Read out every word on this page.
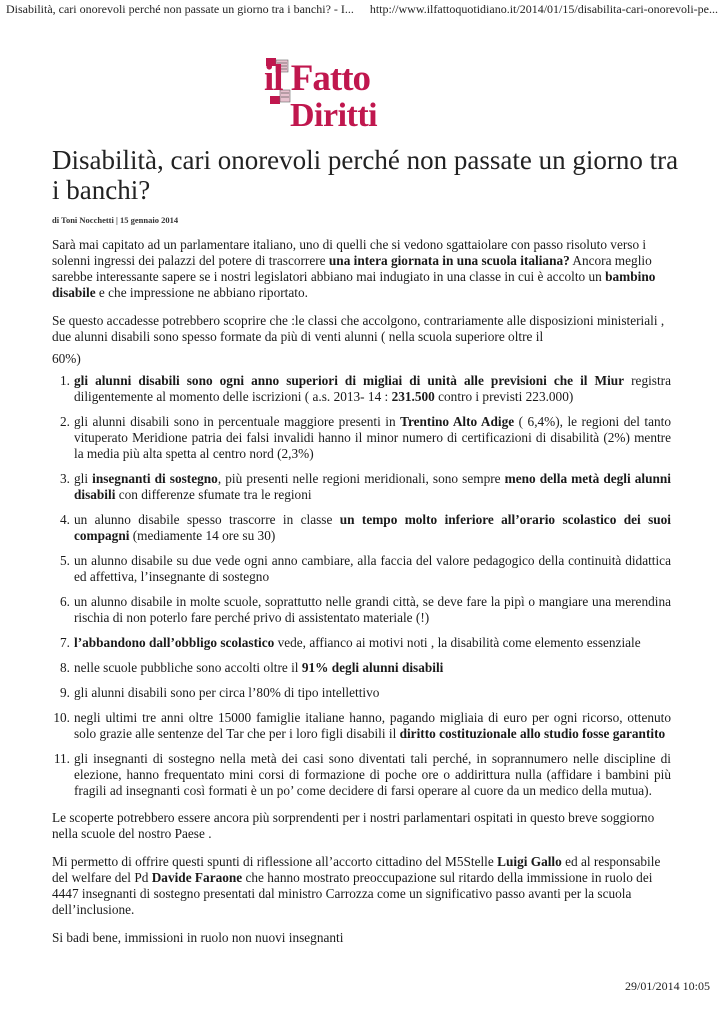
Disabilità, cari onorevoli perché non passate un giorno tra i banchi? - I... http://www.ilfattoquotidiano.it/2014/01/15/disabilita-cari-onorevoli-pe...
il Fatto
Diritti
Disabilità, cari onorevoli perché non passate un giorno tra i banchi?
di Toni Nocchetti | 15 gennaio 2014

Sarà mai capitato ad un parlamentare italiano, uno di quelli che si vedono sgattaiolare con passo risoluto verso i solenni ingressi dei palazzi del potere di trascorrere una intera giornata in una scuola italiana? Ancora meglio sarebbe interessante sapere se i nostri legislatori abbiano mai indugiato in una classe in cui è accolto un bambino disabile e che impressione ne abbiano riportato.

Se questo accadesse potrebbero scoprire che :le classi che accolgono, contrariamente alle disposizioni ministeriali , due alunni disabili sono spesso formate da più di venti alunni ( nella scuola superiore oltre il
60%)

1. gli alunni disabili sono ogni anno superiori di migliai di unità alle previsioni che il Miur registra diligentemente al momento delle iscrizioni ( a.s. 2013- 14 : 231.500 contro i previsti 223.000)
2. gli alunni disabili sono in percentuale maggiore presenti in Trentino Alto Adige ( 6,4%), le regioni del tanto vituperato Meridione patria dei falsi invalidi hanno il minor numero di certificazioni di disabilità (2%) mentre la media più alta spetta al centro nord (2,3%)
3. gli insegnanti di sostegno, più presenti nelle regioni meridionali, sono sempre meno della metà degli alunni disabili con differenze sfumate tra le regioni
4. un alunno disabile spesso trascorre in classe un tempo molto inferiore all’orario scolastico dei suoi compagni (mediamente 14 ore su 30)
5. un alunno disabile su due vede ogni anno cambiare, alla faccia del valore pedagogico della continuità didattica ed affettiva, l’insegnante di sostegno
6. un alunno disabile in molte scuole, soprattutto nelle grandi città, se deve fare la pipì o mangiare una merendina rischia di non poterlo fare perché privo di assistentato materiale (!)
7. l’abbandono dall’obbligo scolastico vede, affianco ai motivi noti , la disabilità come elemento essenziale
8. nelle scuole pubbliche sono accolti oltre il 91% degli alunni disabili
9. gli alunni disabili sono per circa l’80% di tipo intellettivo
10. negli ultimi tre anni oltre 15000 famiglie italiane hanno, pagando migliaia di euro per ogni ricorso, ottenuto solo grazie alle sentenze del Tar che per i loro figli disabili il diritto costituzionale allo studio fosse garantito
11. gli insegnanti di sostegno nella metà dei casi sono diventati tali perché, in soprannumero nelle discipline di elezione, hanno frequentato mini corsi di formazione di poche ore o addirittura nulla (affidare i bambini più fragili ad insegnanti così formati è un po’ come decidere di farsi operare al cuore da un medico della mutua).

Le scoperte potrebbero essere ancora più sorprendenti per i nostri parlamentari ospitati in questo breve soggiorno nella scuole del nostro Paese .

Mi permetto di offrire questi spunti di riflessione all’accorto cittadino del M5Stelle Luigi Gallo ed al responsabile del welfare del Pd Davide Faraone che hanno mostrato preoccupazione sul ritardo della immissione in ruolo dei 4447 insegnanti di sostegno presentati dal ministro Carrozza come un significativo passo avanti per la scuola dell’inclusione.

Si badi bene, immissioni in ruolo non nuovi insegnanti

29/01/2014 10:05
